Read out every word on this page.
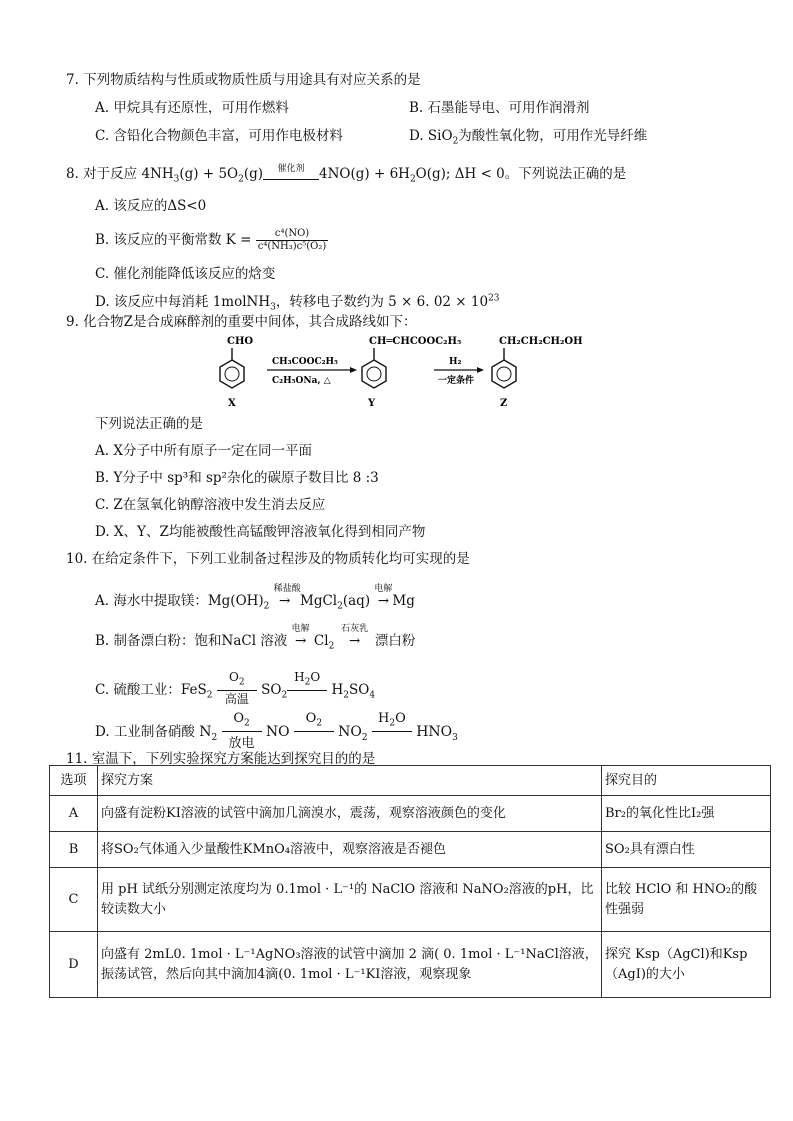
7. 下列物质结构与性质或物质性质与用途具有对应关系的是
A. 甲烷具有还原性，可用作燃料	B. 石墨能导电、可用作润滑剂
C. 含铅化合物颜色丰富，可用作电极材料	D. SiO$_2$为酸性氧化物，可用作光导纤维
8. 对于反应 $4NH_3(g) + 5O_2(g)$	催化剂	$4NO(g) + 6H_2O(g)$; ΔH < 0。下列说法正确的是
A. 该反应的ΔS<0
B. 该反应的平衡常数 $K = \frac{\text{c⁴(NO)}}{\text{c⁴(NH₃)c⁵(O₂)}}$
C. 催化剂能降低该反应的焓变
D. 该反应中每消耗 1molNH$_3$，转移电子数约为 5 × 6. $02 \times 10^{23}$
9. 化合物Z是合成麻醉剂的重要中间体，其合成路线如下：
CHO
X
CH₃COOC₂H₅
C₂H₅ONa, △
CH═CHCOOC₂H₅
Y
H₂
一定条件
CH₂CH₂CH₂OH
Z
下列说法正确的是
A. X分子中所有原子一定在同一平面
B. Y分子中 sp³和 sp²杂化的碳原子数目比 8 :3
C. Z在氢氧化钠醇溶液中发生消去反应
D. X、Y、Z均能被酸性高锰酸钾溶液氧化得到相同产物
10. 在给定条件下，下列工业制备过程涉及的物质转化均可实现的是
A. 海水中提取镁：$Mg(OH)_2$
稀盐酸
→ MgCl$_2$(aq)
电解
→ Mg
B. 制备漂白粉：饱和NaCl 溶液
电解
→ $Cl_2$
石灰乳
→ 漂白粉
C. 硫酸工业：FeS$_2$
$O_2$
高温
$SO_2$
$H_2O$
$H_2SO_4$
D. 工业制备硝酸 $N_2$
$O_2$
放电
NO
$O_2$
$NO_2$
$H_2O$
$HNO_3$
11. 室温下，下列实验探究方案能达到探究目的的是
选项	探究方案	探究目的
A	向盛有淀粉KI溶液的试管中滴加几滴溴水，震荡，观察溶液颜色的变化	Br₂的氧化性比I₂强
B	将SO₂气体通入少量酸性KMnO₄溶液中，观察溶液是否褪色	SO₂具有漂白性
C	用 pH 试纸分别测定浓度均为 0.1mol · L⁻¹的 NaClO 溶液和 NaNO₂溶液的pH，比较读数大小	比较 HClO 和 HNO₂的酸性强弱
D	向盛有 2mL0. 1mol · L⁻¹AgNO₃溶液的试管中滴加 2 滴( 0. 1mol · L⁻¹NaCl溶液，振荡试管，然后向其中滴加4滴(0. 1mol · L⁻¹KI溶液，观察现象	探究 Ksp（AgCl)和Ksp（AgI)的大小
